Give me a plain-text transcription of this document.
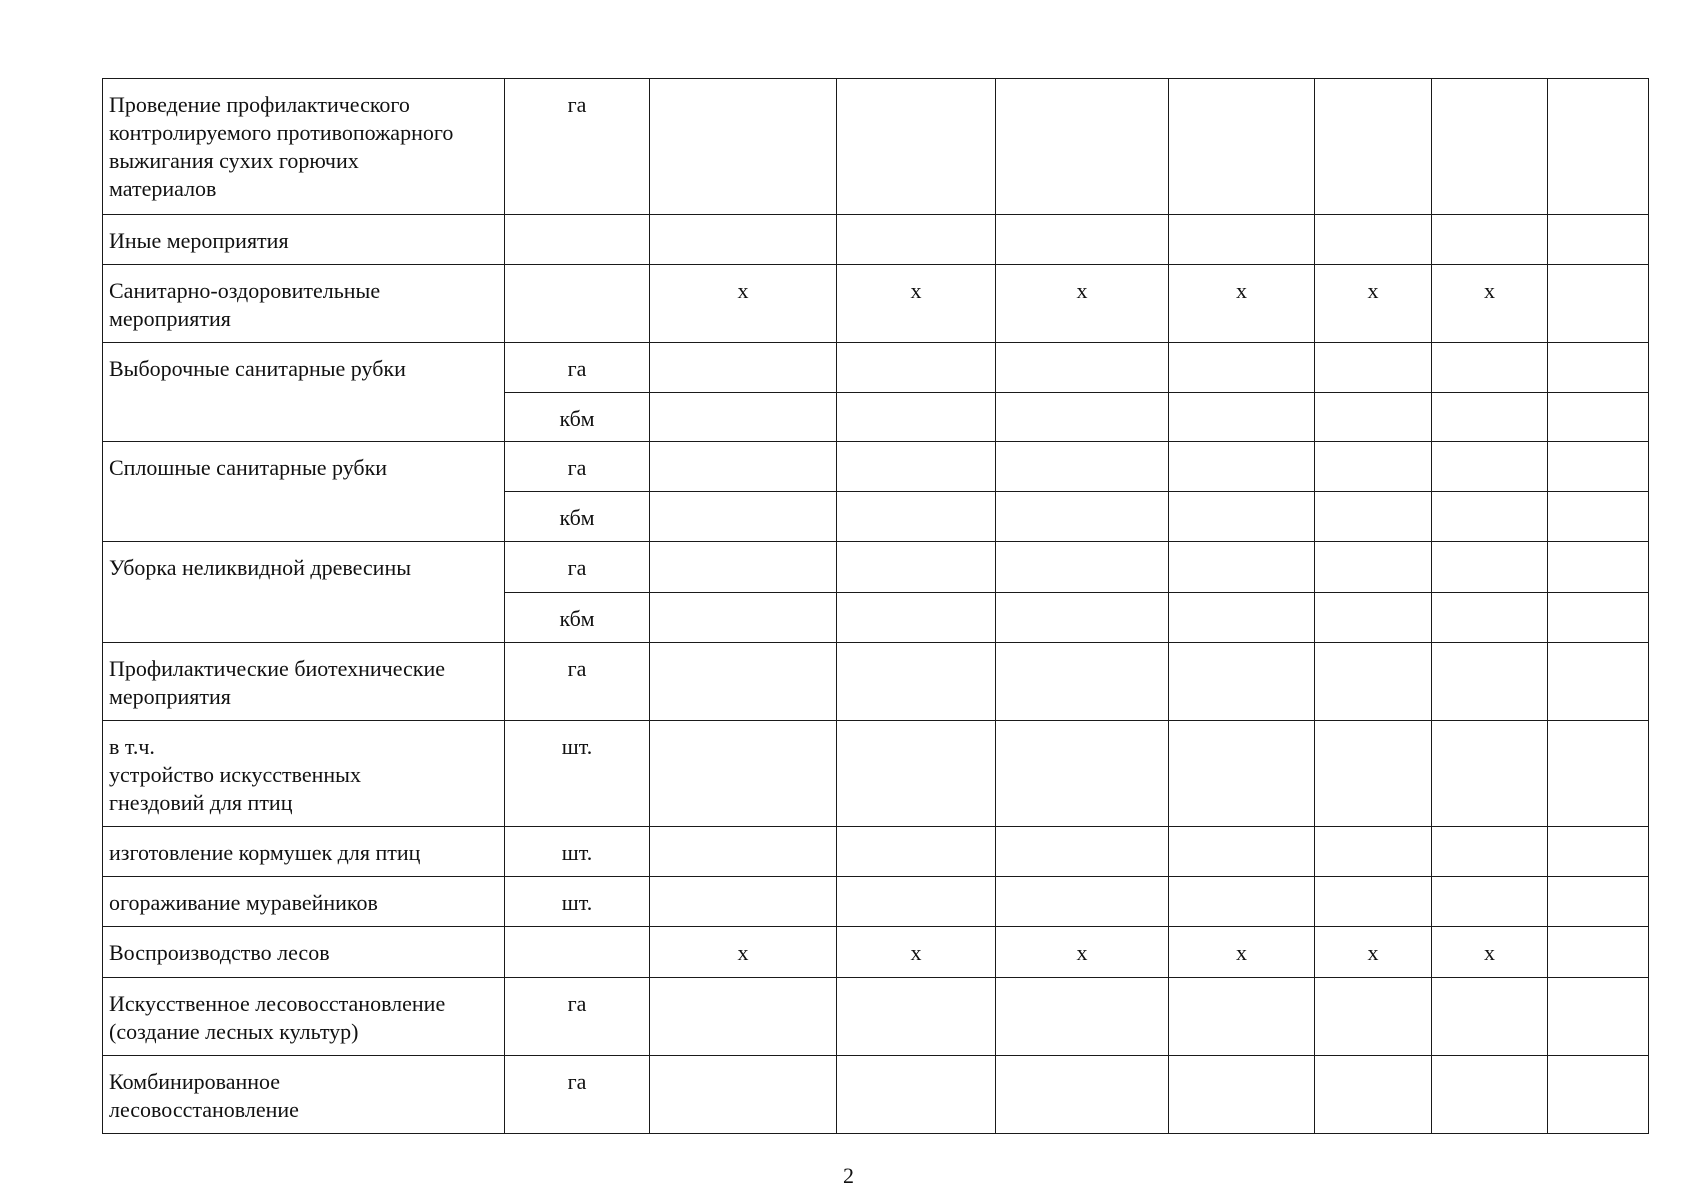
Проведение профилактического
контролируемого противопожарного
выжигания сухих горючих
материалов	га							

Иные мероприятия								

Санитарно-оздоровительные
мероприятия		х	х	х	х	х	х	

Выборочные санитарные рубки	га							
	кбм							

Сплошные санитарные рубки	га							
	кбм							

Уборка неликвидной древесины	га							
	кбм							

Профилактические биотехнические
мероприятия	га							

в т.ч.
устройство искусственных
гнездовий для птиц	шт.							

изготовление кормушек для птиц	шт.							

огораживание муравейников	шт.							

Воспроизводство лесов		х	х	х	х	х	х	

Искусственное лесовосстановление
(создание лесных культур)	га							

Комбинированное
лесовосстановление	га							
2
